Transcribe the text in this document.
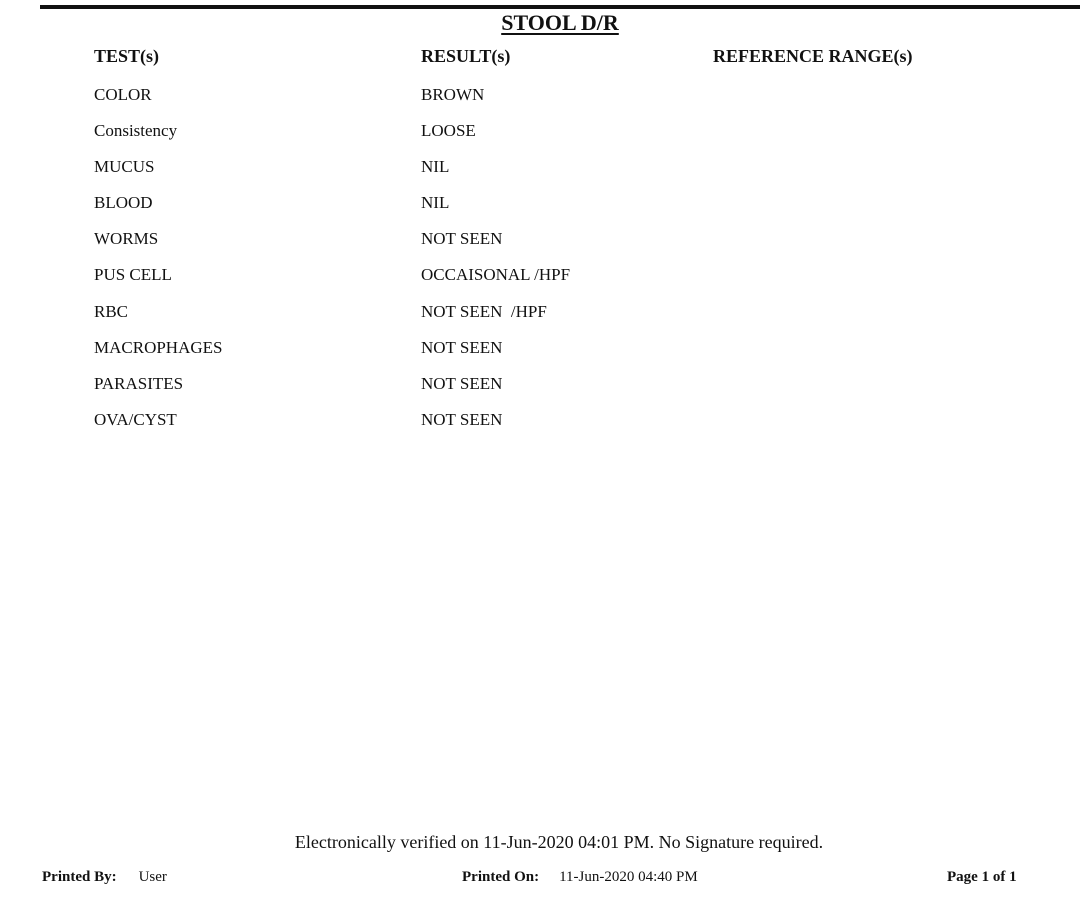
STOOL D/R
TEST(s)	RESULT(s)	REFERENCE RANGE(s)
COLOR	BROWN
Consistency	LOOSE
MUCUS	NIL
BLOOD	NIL
WORMS	NOT SEEN
PUS CELL	OCCAISONAL /HPF
RBC	NOT SEEN  /HPF
MACROPHAGES	NOT SEEN
PARASITES	NOT SEEN
OVA/CYST	NOT SEEN
Electronically verified on 11-Jun-2020 04:01 PM. No Signature required.
Printed By: User	Printed On: 11-Jun-2020 04:40 PM	Page 1 of 1
